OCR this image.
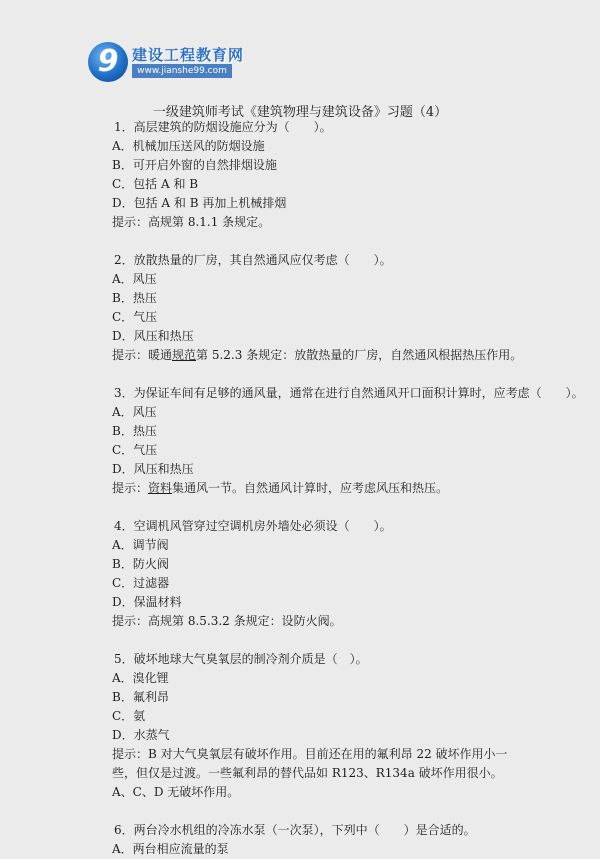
9 建设工程教育网
www.jianshe99.com
一级建筑师考试《建筑物理与建筑设备》习题（4）
1．高层建筑的防烟设施应分为（　　）。
A．机械加压送风的防烟设施
B．可开启外窗的自然排烟设施
C．包括 A 和 B
D．包括 A 和 B 再加上机械排烟
提示：高规第 8.1.1 条规定。
2．放散热量的厂房，其自然通风应仅考虑（　　）。
A．风压
B．热压
C．气压
D．风压和热压
提示：暖通规范第 5.2.3 条规定：放散热量的厂房，自然通风根据热压作用。
3．为保证车间有足够的通风量，通常在进行自然通风开口面积计算时，应考虑（　　）。
A．风压
B．热压
C．气压
D．风压和热压
提示：资料集通风一节。自然通风计算时，应考虑风压和热压。
4．空调机风管穿过空调机房外墙处必须设（　　）。
A．调节阀
B．防火阀
C．过滤器
D．保温材料
提示：高规第 8.5.3.2 条规定：设防火阀。
5．破坏地球大气臭氧层的制冷剂介质是（　）。
A．溴化锂
B．氟利昂
C．氨
D．水蒸气
提示：B 对大气臭氧层有破坏作用。目前还在用的氟利昂 22 破坏作用小一些，但仅是过渡。一些氟利昂的替代品如 R123、R134a 破坏作用很小。A、C、D 无破坏作用。
6．两台冷水机组的冷冻水泵（一次泵），下列中（　　）是合适的。
A．两台相应流量的泵
